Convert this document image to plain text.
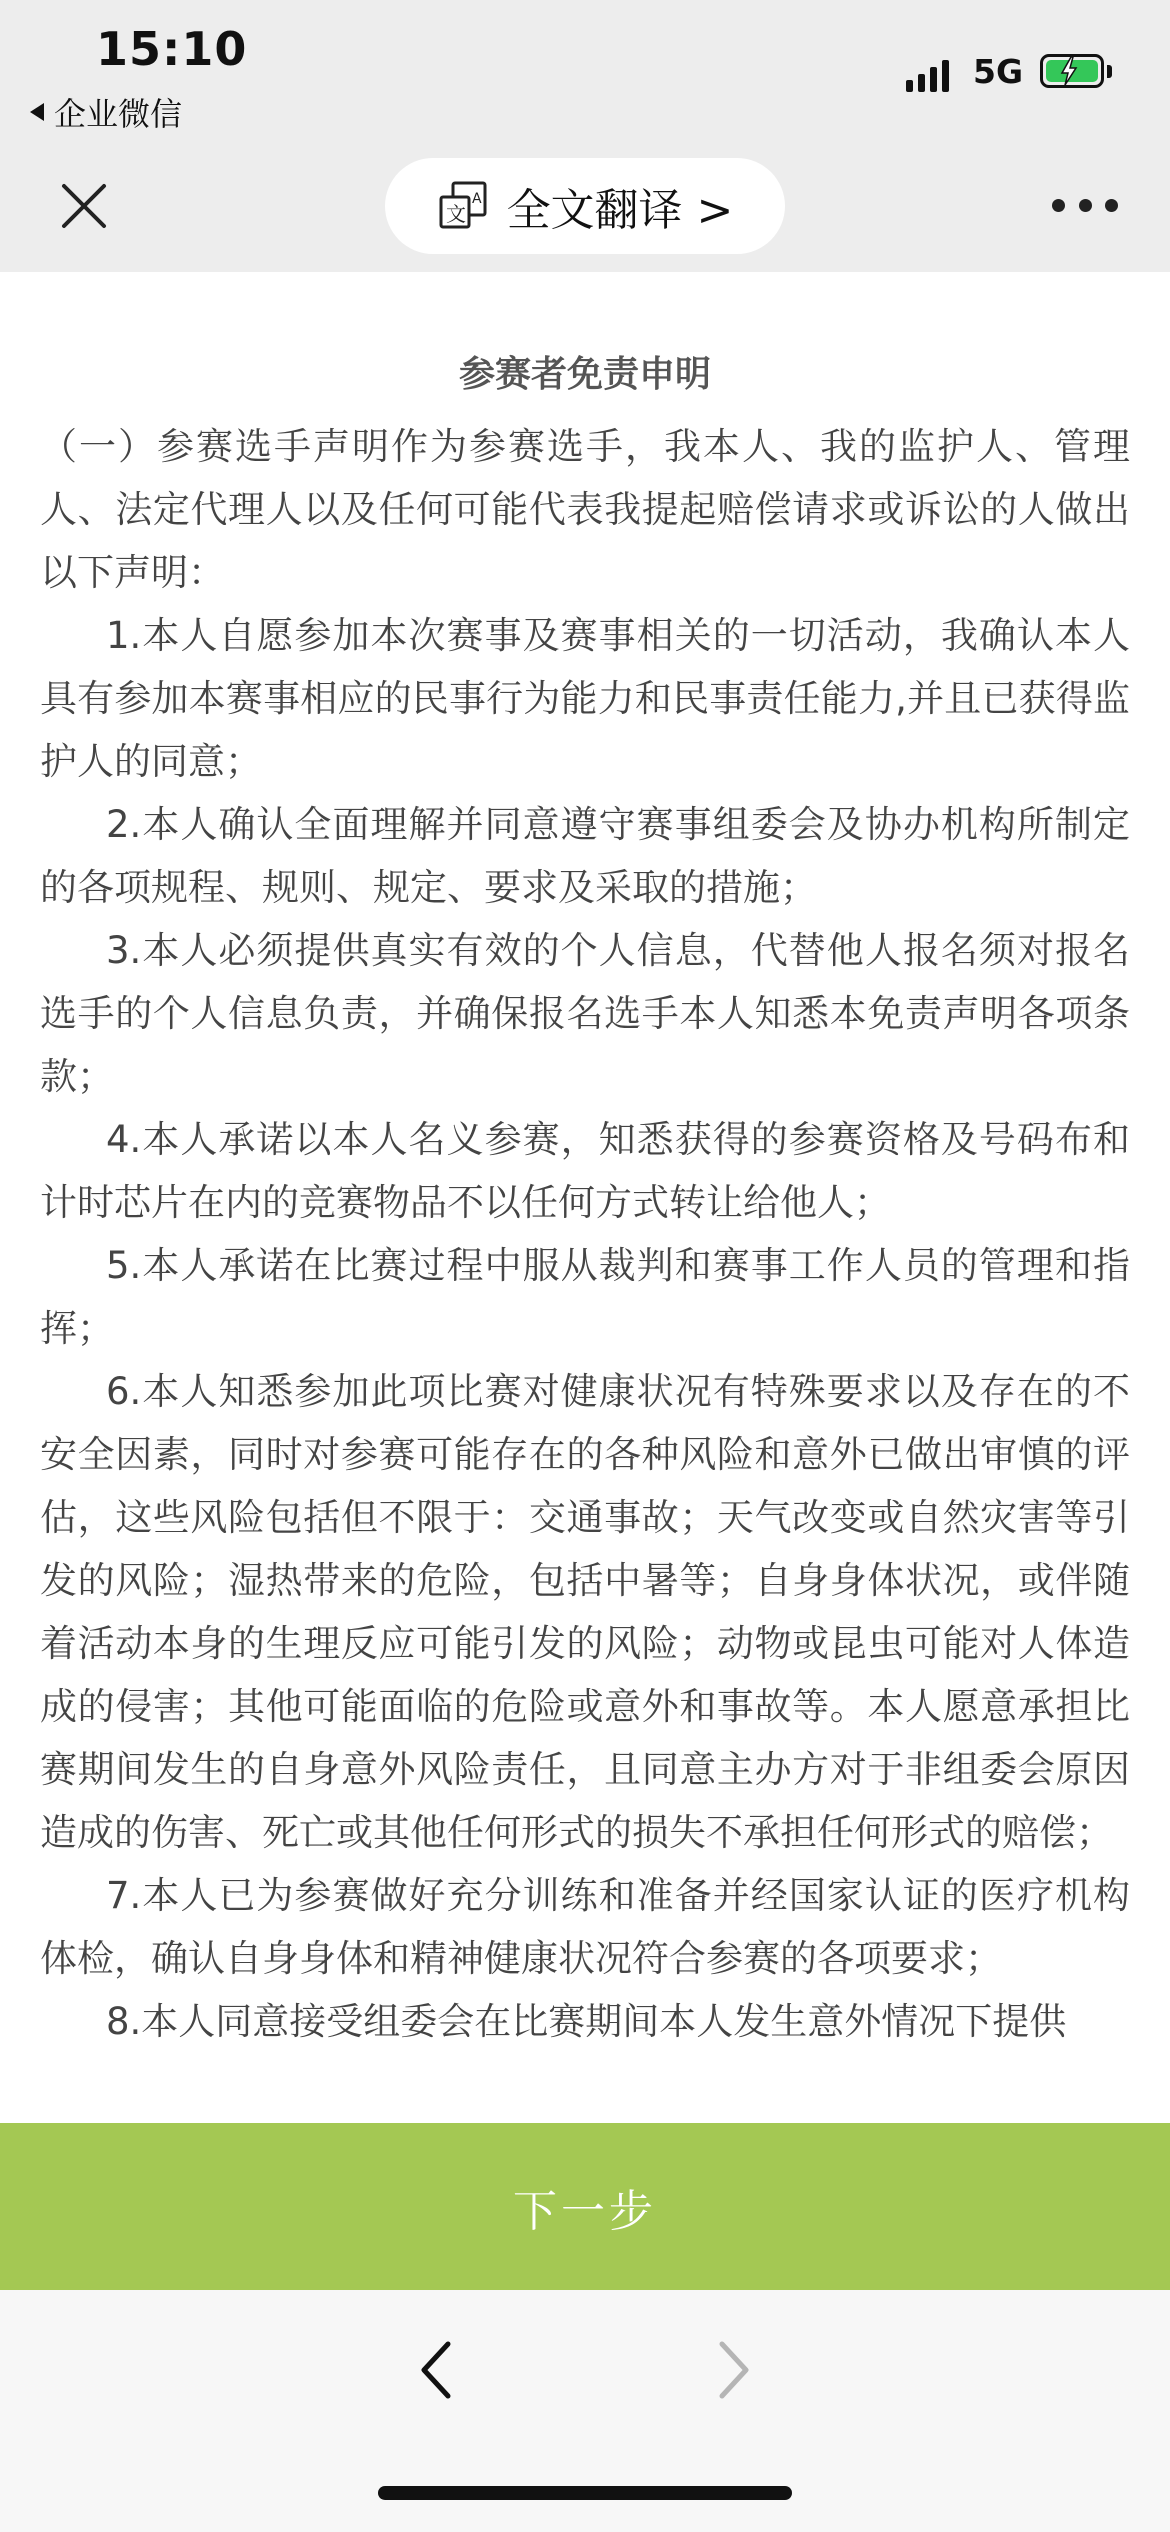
15:10
企业微信
5G
文
A 全文翻译 >
参赛者免责申明

（一）参赛选手声明作为参赛选手，我本人、我的监护人、管理人、法定代理人以及任何可能代表我提起赔偿请求或诉讼的人做出以下声明：

1.本人自愿参加本次赛事及赛事相关的一切活动，我确认本人具有参加本赛事相应的民事行为能力和民事责任能力,并且已获得监护人的同意；

2.本人确认全面理解并同意遵守赛事组委会及协办机构所制定的各项规程、规则、规定、要求及采取的措施；

3.本人必须提供真实有效的个人信息，代替他人报名须对报名选手的个人信息负责，并确保报名选手本人知悉本免责声明各项条款；

4.本人承诺以本人名义参赛，知悉获得的参赛资格及号码布和计时芯片在内的竞赛物品不以任何方式转让给他人；

5.本人承诺在比赛过程中服从裁判和赛事工作人员的管理和指挥；

6.本人知悉参加此项比赛对健康状况有特殊要求以及存在的不安全因素，同时对参赛可能存在的各种风险和意外已做出审慎的评估，这些风险包括但不限于：交通事故；天气改变或自然灾害等引发的风险；湿热带来的危险，包括中暑等；自身身体状况，或伴随着活动本身的生理反应可能引发的风险；动物或昆虫可能对人体造成的侵害；其他可能面临的危险或意外和事故等。本人愿意承担比赛期间发生的自身意外风险责任，且同意主办方对于非组委会原因造成的伤害、死亡或其他任何形式的损失不承担任何形式的赔偿；

7.本人已为参赛做好充分训练和准备并经国家认证的医疗机构体检，确认自身身体和精神健康状况符合参赛的各项要求；

8.本人同意接受组委会在比赛期间本人发生意外情况下提供

下一步
